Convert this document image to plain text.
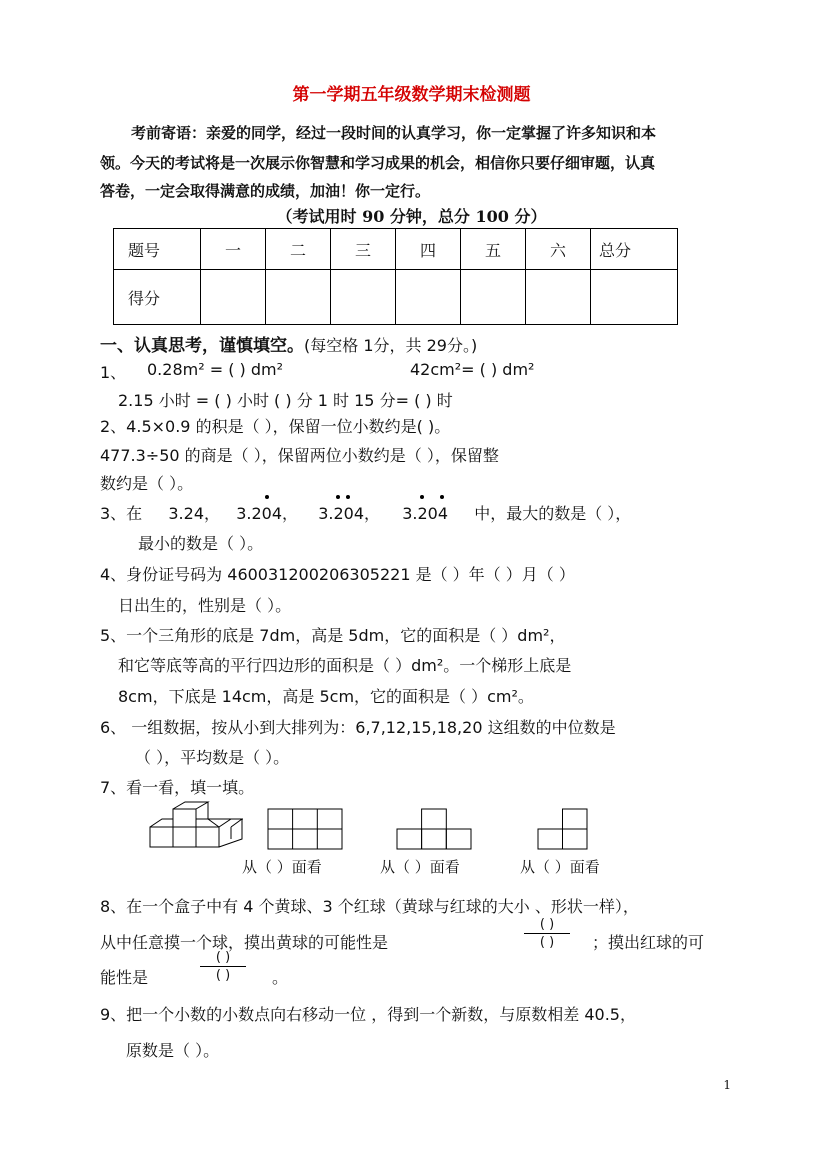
第一学期五年级数学期末检测题
考前寄语：亲爱的同学，经过一段时间的认真学习，你一定掌握了许多知识和本
领。今天的考试将是一次展示你智慧和学习成果的机会，相信你只要仔细审题，认真
答卷，一定会取得满意的成绩，加油！你一定行。
（考试用时 90 分钟，总分 100 分）
题号	一	二	三	四	五	六	总分
得分							
一、认真思考，谨慎填空。(每空格 1分，共 29分。)
1、 0.28m² = ( ) dm²	42cm²= ( ) dm²
2.15 小时 = ( ) 小时 ( ) 分 1 时 15 分= ( ) 时
2、4.5×0.9 的积是（ ），保留一位小数约是( )。
477.3÷50 的商是（ ），保留两位小数约是（ ），保留整
数约是（ ）。
3、在 3.24， 3.20
4， 3.20
4， 3.204 中，最大的数是（ ），
最小的数是（ ）。
4、身份证号码为 460031200206305221 是（ ）年（ ）月（ ）
日出生的，性别是（ ）。
5、一个三角形的底是 7dm，高是 5dm，它的面积是（ ）dm²，
和它等底等高的平行四边形的面积是（ ）dm²。一个梯形上底是
8cm，下底是 14cm，高是 5cm，它的面积是（ ）cm²。
6、 一组数据，按从小到大排列为：6,7,12,15,18,20 这组数的中位数是
（ ），平均数是（ ）。
7、看一看，填一填。
从（ ）面看	从（ ）面看	从（ ）面看
8、在一个盒子中有 4 个黄球、3 个红球（黄球与红球的大小 、形状一样），
从中任意摸一个球，摸出黄球的可能性是
( )
( )	；摸出红球的可
能性是
( )
( )	。
9、把一个小数的小数点向右移动一位 ，得到一个新数，与原数相差 40.5，
原数是（ ）。
1
